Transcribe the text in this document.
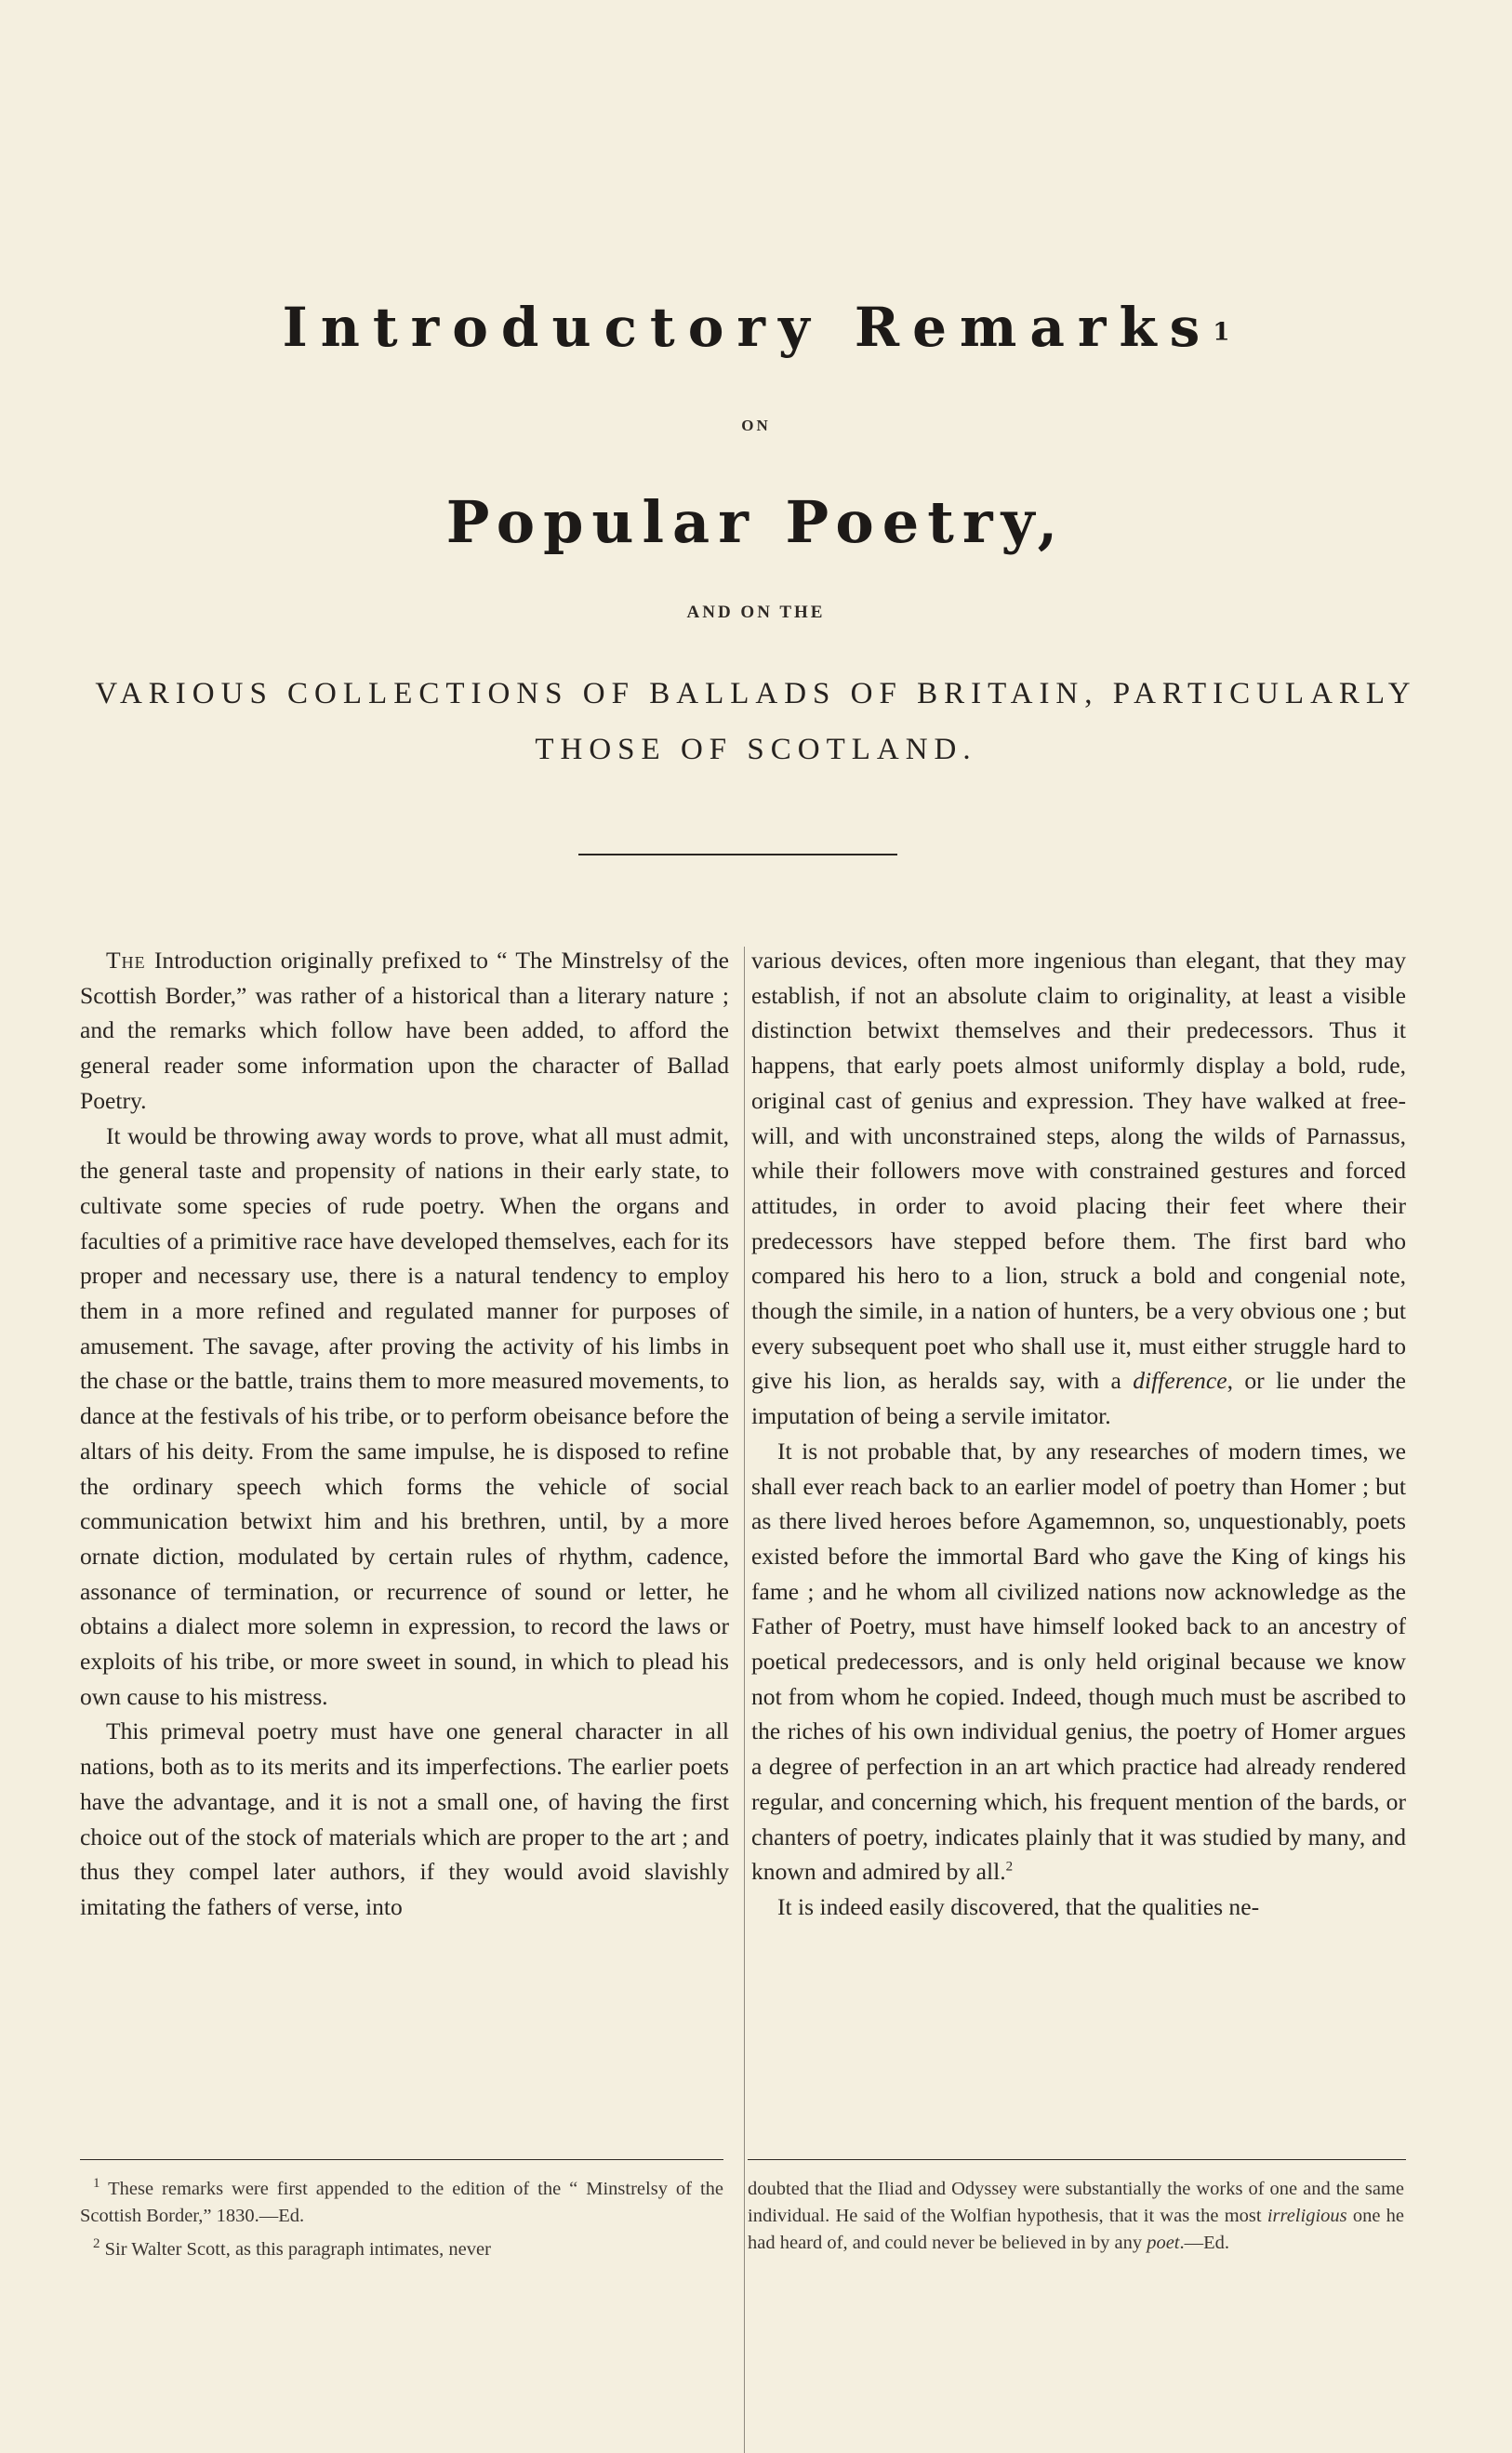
Introductory Remarks1
ON
Popular Poetry,
AND ON THE
VARIOUS COLLECTIONS OF BALLADS OF BRITAIN, PARTICULARLY
THOSE OF SCOTLAND.

The Introduction originally prefixed to “ The Minstrelsy of the Scottish Border,” was rather of a historical than a literary nature ; and the remarks which follow have been added, to afford the general reader some information upon the character of Ballad Poetry.

It would be throwing away words to prove, what all must admit, the general taste and propensity of nations in their early state, to cultivate some species of rude poetry. When the organs and faculties of a primitive race have developed themselves, each for its proper and necessary use, there is a natural tendency to employ them in a more refined and regulated manner for purposes of amusement. The savage, after proving the activity of his limbs in the chase or the battle, trains them to more measured movements, to dance at the festivals of his tribe, or to perform obeisance before the altars of his deity. From the same impulse, he is disposed to refine the ordinary speech which forms the vehicle of social communication betwixt him and his brethren, until, by a more ornate diction, modulated by certain rules of rhythm, cadence, assonance of termination, or recurrence of sound or letter, he obtains a dialect more solemn in expression, to record the laws or exploits of his tribe, or more sweet in sound, in which to plead his own cause to his mistress.

This primeval poetry must have one general character in all nations, both as to its merits and its imperfections. The earlier poets have the advantage, and it is not a small one, of having the first choice out of the stock of materials which are proper to the art ; and thus they compel later authors, if they would avoid slavishly imitating the fathers of verse, into

various devices, often more ingenious than elegant, that they may establish, if not an absolute claim to originality, at least a visible distinction betwixt themselves and their predecessors. Thus it happens, that early poets almost uniformly display a bold, rude, original cast of genius and expression. They have walked at free-will, and with unconstrained steps, along the wilds of Parnassus, while their followers move with constrained gestures and forced attitudes, in order to avoid placing their feet where their predecessors have stepped before them. The first bard who compared his hero to a lion, struck a bold and congenial note, though the simile, in a nation of hunters, be a very obvious one ; but every subsequent poet who shall use it, must either struggle hard to give his lion, as heralds say, with a difference, or lie under the imputation of being a servile imitator.

It is not probable that, by any researches of modern times, we shall ever reach back to an earlier model of poetry than Homer ; but as there lived heroes before Agamemnon, so, unquestionably, poets existed before the immortal Bard who gave the King of kings his fame ; and he whom all civilized nations now acknowledge as the Father of Poetry, must have himself looked back to an ancestry of poetical predecessors, and is only held original because we know not from whom he copied. Indeed, though much must be ascribed to the riches of his own individual genius, the poetry of Homer argues a degree of perfection in an art which practice had already rendered regular, and concerning which, his frequent mention of the bards, or chanters of poetry, indicates plainly that it was studied by many, and known and admired by all.$^2$

It is indeed easily discovered, that the qualities ne-

$^1$ These remarks were first appended to the edition of the “ Minstrelsy of the Scottish Border,” 1830.—Ed.

$^2$ Sir Walter Scott, as this paragraph intimates, never

doubted that the Iliad and Odyssey were substantially the works of one and the same individual. He said of the Wolfian hypothesis, that it was the most irreligious one he had heard of, and could never be believed in by any poet.—Ed.
